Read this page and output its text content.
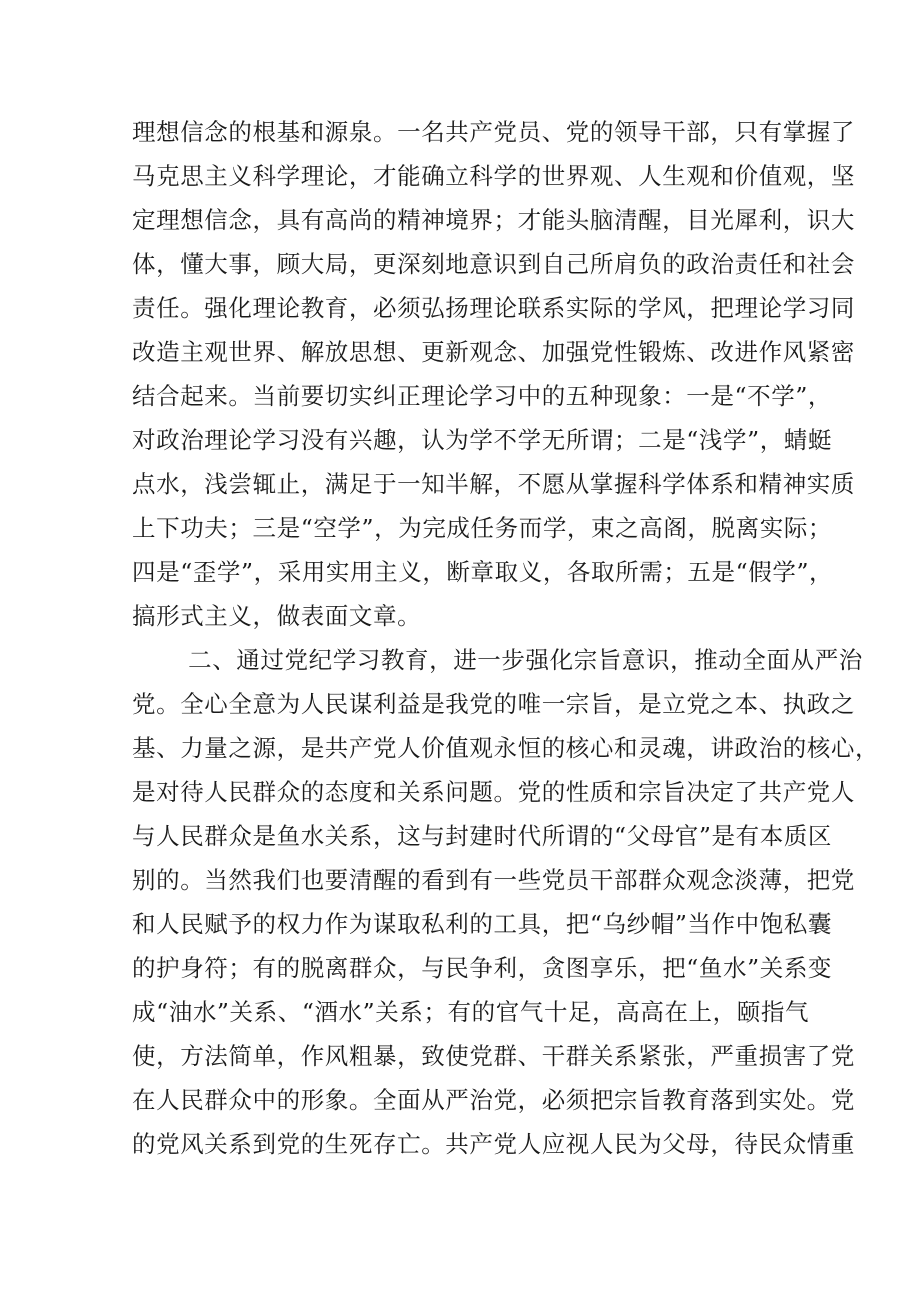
理想信念的根基和源泉。一名共产党员、党的领导干部，只有掌握了
马克思主义科学理论，才能确立科学的世界观、人生观和价值观，坚
定理想信念，具有高尚的精神境界；才能头脑清醒，目光犀利，识大
体，懂大事，顾大局，更深刻地意识到自己所肩负的政治责任和社会
责任。强化理论教育，必须弘扬理论联系实际的学风，把理论学习同
改造主观世界、解放思想、更新观念、加强党性锻炼、改进作风紧密
结合起来。当前要切实纠正理论学习中的五种现象：一是“不学”，
对政治理论学习没有兴趣，认为学不学无所谓；二是“浅学”，蜻蜓
点水，浅尝辄止，满足于一知半解，不愿从掌握科学体系和精神实质
上下功夫；三是“空学”，为完成任务而学，束之高阁，脱离实际；
四是“歪学”，采用实用主义，断章取义，各取所需；五是“假学”，
搞形式主义，做表面文章。
　二、通过党纪学习教育，进一步强化宗旨意识，推动全面从严治
党。全心全意为人民谋利益是我党的唯一宗旨，是立党之本、执政之
基、力量之源，是共产党人价值观永恒的核心和灵魂，讲政治的核心，
是对待人民群众的态度和关系问题。党的性质和宗旨决定了共产党人
与人民群众是鱼水关系，这与封建时代所谓的“父母官”是有本质区
别的。当然我们也要清醒的看到有一些党员干部群众观念淡薄，把党
和人民赋予的权力作为谋取私利的工具，把“乌纱帽”当作中饱私囊
的护身符；有的脱离群众，与民争利，贪图享乐，把“鱼水”关系变
成“油水”关系、“酒水”关系；有的官气十足，高高在上，颐指气
使，方法简单，作风粗暴，致使党群、干群关系紧张，严重损害了党
在人民群众中的形象。全面从严治党，必须把宗旨教育落到实处。党
的党风关系到党的生死存亡。共产党人应视人民为父母，待民众情重
